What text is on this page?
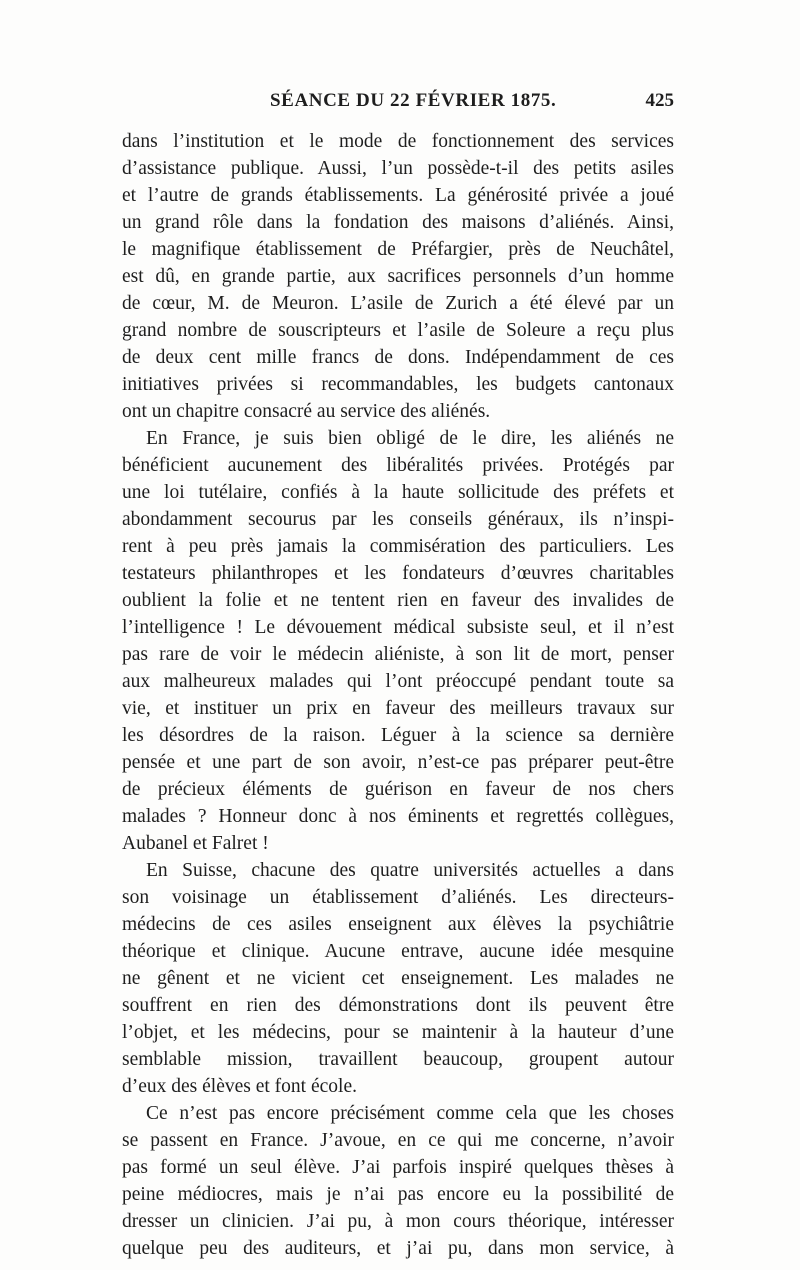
SÉANCE DU 22 FÉVRIER 1875.	425
dans l’institution et le mode de fonctionnement des services
d’assistance publique. Aussi, l’un possède-t-il des petits asiles
et l’autre de grands établissements. La générosité privée a joué
un grand rôle dans la fondation des maisons d’aliénés. Ainsi,
le magnifique établissement de Préfargier, près de Neuchâtel,
est dû, en grande partie, aux sacrifices personnels d’un homme
de cœur, M. de Meuron. L’asile de Zurich a été élevé par un
grand nombre de souscripteurs et l’asile de Soleure a reçu plus
de deux cent mille francs de dons. Indépendamment de ces
initiatives privées si recommandables, les budgets cantonaux
ont un chapitre consacré au service des aliénés.
En France, je suis bien obligé de le dire, les aliénés ne
bénéficient aucunement des libéralités privées. Protégés par
une loi tutélaire, confiés à la haute sollicitude des préfets et
abondamment secourus par les conseils généraux, ils n’inspi-
rent à peu près jamais la commisération des particuliers. Les
testateurs philanthropes et les fondateurs d’œuvres charitables
oublient la folie et ne tentent rien en faveur des invalides de
l’intelligence ! Le dévouement médical subsiste seul, et il n’est
pas rare de voir le médecin aliéniste, à son lit de mort, penser
aux malheureux malades qui l’ont préoccupé pendant toute sa
vie, et instituer un prix en faveur des meilleurs travaux sur
les désordres de la raison. Léguer à la science sa dernière
pensée et une part de son avoir, n’est-ce pas préparer peut-être
de précieux éléments de guérison en faveur de nos chers
malades ? Honneur donc à nos éminents et regrettés collègues,
Aubanel et Falret !
En Suisse, chacune des quatre universités actuelles a dans
son voisinage un établissement d’aliénés. Les directeurs-
médecins de ces asiles enseignent aux élèves la psychiâtrie
théorique et clinique. Aucune entrave, aucune idée mesquine
ne gênent et ne vicient cet enseignement. Les malades ne
souffrent en rien des démonstrations dont ils peuvent être
l’objet, et les médecins, pour se maintenir à la hauteur d’une
semblable mission, travaillent beaucoup, groupent autour
d’eux des élèves et font école.
Ce n’est pas encore précisément comme cela que les choses
se passent en France. J’avoue, en ce qui me concerne, n’avoir
pas formé un seul élève. J’ai parfois inspiré quelques thèses à
peine médiocres, mais je n’ai pas encore eu la possibilité de
dresser un clinicien. J’ai pu, à mon cours théorique, intéresser
quelque peu des auditeurs, et j’ai pu, dans mon service, à
